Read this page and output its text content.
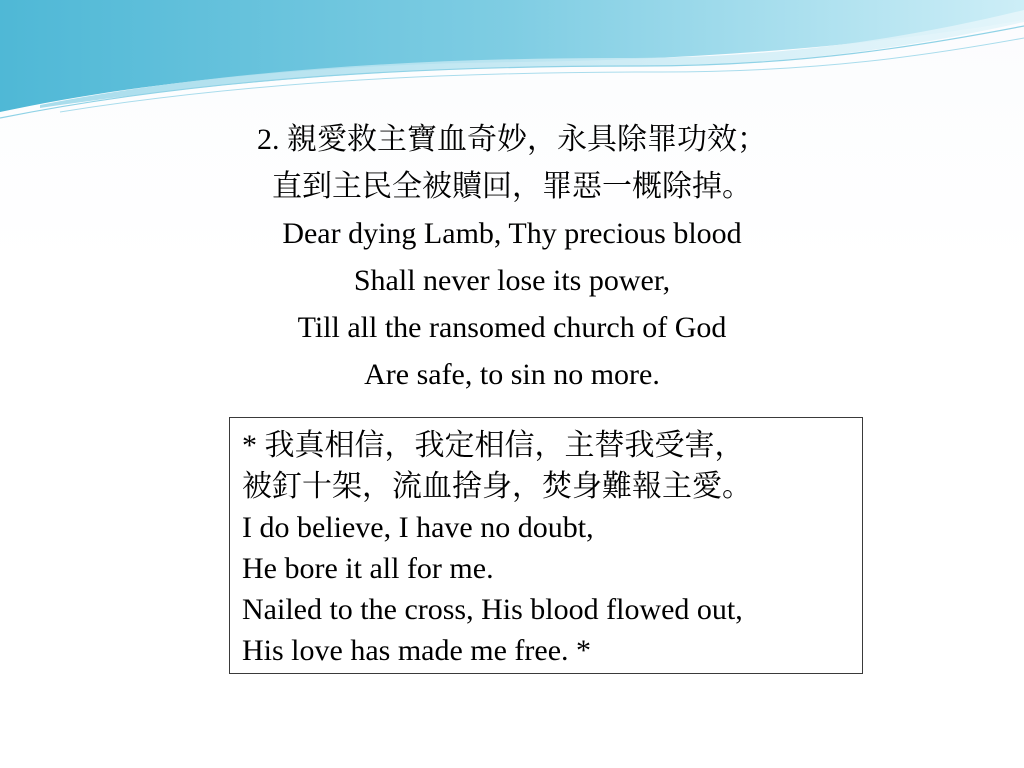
2. 親愛救主寶血奇妙，永具除罪功效；
直到主民全被贖回，罪惡一概除掉。
Dear dying Lamb, Thy precious blood
Shall never lose its power,
Till all the ransomed church of God
Are safe, to sin no more.
* 我真相信，我定相信，主替我受害，
被釘十架，流血捨身，焚身難報主愛。
I do believe, I have no doubt,
He bore it all for me.
Nailed to the cross, His blood flowed out,
His love has made me free. *
